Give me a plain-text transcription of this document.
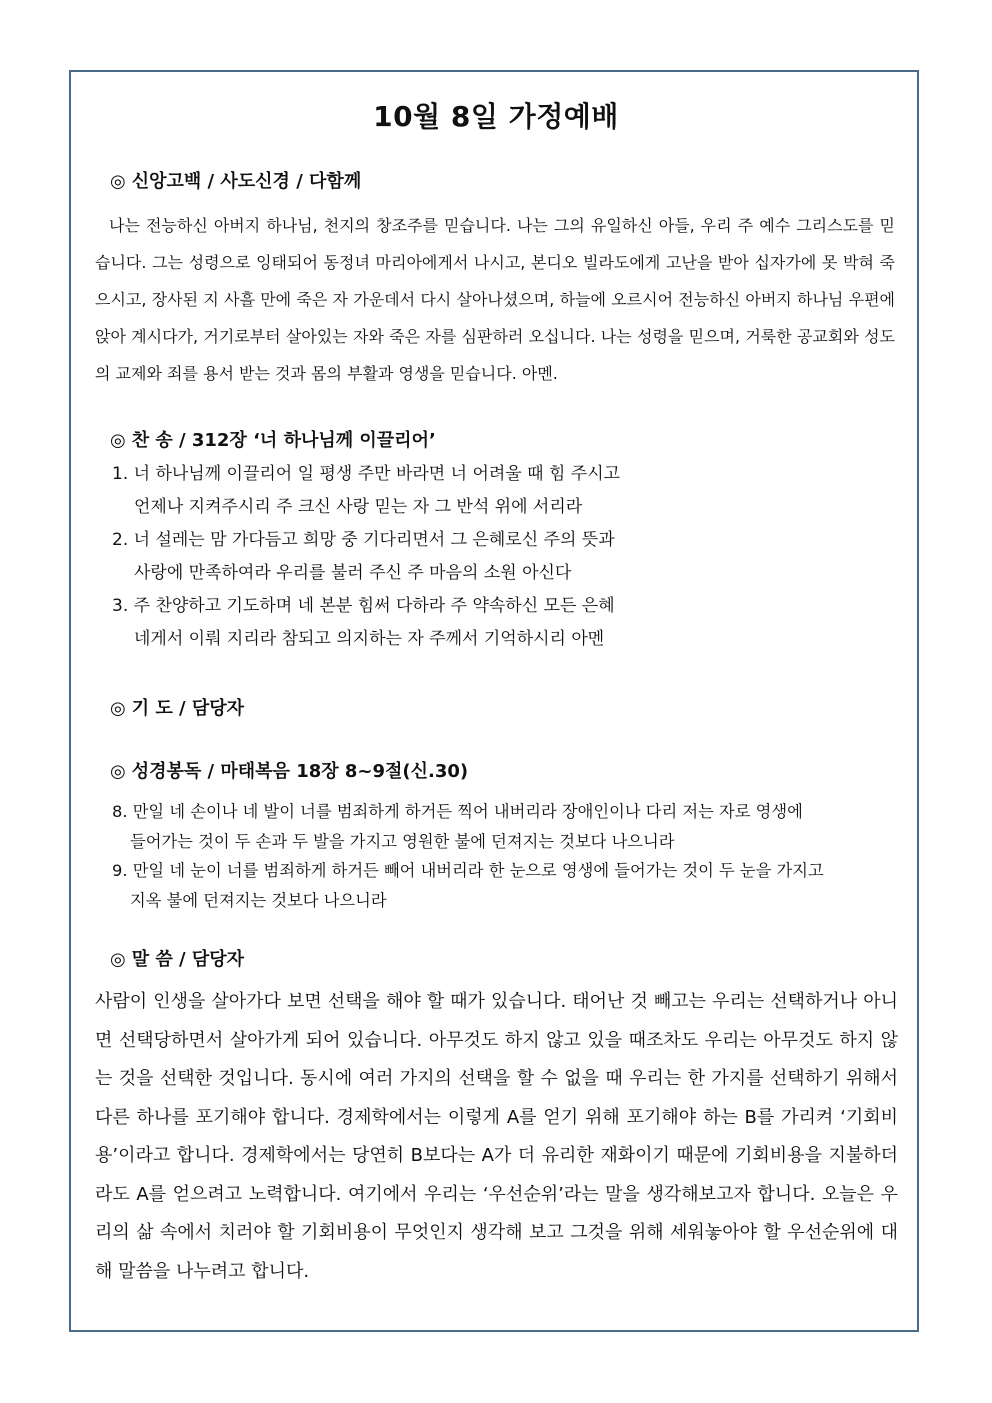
10월 8일 가정예배
◎ 신앙고백 / 사도신경 / 다함께

나는 전능하신 아버지 하나님, 천지의 창조주를 믿습니다. 나는 그의 유일하신 아들, 우리 주 예수 그리스도를 믿습니다. 그는 성령으로 잉태되어 동정녀 마리아에게서 나시고, 본디오 빌라도에게 고난을 받아 십자가에 못 박혀 죽으시고, 장사된 지 사흘 만에 죽은 자 가운데서 다시 살아나셨으며, 하늘에 오르시어 전능하신 아버지 하나님 우편에 앉아 계시다가, 거기로부터 살아있는 자와 죽은 자를 심판하러 오십니다. 나는 성령을 믿으며, 거룩한 공교회와 성도의 교제와 죄를 용서 받는 것과 몸의 부활과 영생을 믿습니다. 아멘.

◎ 찬 송 / 312장 ‘너 하나님께 이끌리어’
1. 너 하나님께 이끌리어 일 평생 주만 바라면 너 어려울 때 힘 주시고
언제나 지켜주시리 주 크신 사랑 믿는 자 그 반석 위에 서리라
2. 너 설레는 맘 가다듬고 희망 중 기다리면서 그 은혜로신 주의 뜻과
사랑에 만족하여라 우리를 불러 주신 주 마음의 소원 아신다
3. 주 찬양하고 기도하며 네 본분 힘써 다하라 주 약속하신 모든 은혜
네게서 이뤄 지리라 참되고 의지하는 자 주께서 기억하시리 아멘
◎ 기 도 / 담당자
◎ 성경봉독 / 마태복음 18장 8~9절(신.30)
8. 만일 네 손이나 네 발이 너를 범죄하게 하거든 찍어 내버리라 장애인이나 다리 저는 자로 영생에
들어가는 것이 두 손과 두 발을 가지고 영원한 불에 던져지는 것보다 나으니라
9. 만일 네 눈이 너를 범죄하게 하거든 빼어 내버리라 한 눈으로 영생에 들어가는 것이 두 눈을 가지고
지옥 불에 던져지는 것보다 나으니라
◎ 말 씀 / 담당자

사람이 인생을 살아가다 보면 선택을 해야 할 때가 있습니다. 태어난 것 빼고는 우리는 선택하거나 아니면 선택당하면서 살아가게 되어 있습니다. 아무것도 하지 않고 있을 때조차도 우리는 아무것도 하지 않는 것을 선택한 것입니다. 동시에 여러 가지의 선택을 할 수 없을 때 우리는 한 가지를 선택하기 위해서 다른 하나를 포기해야 합니다. 경제학에서는 이렇게 A를 얻기 위해 포기해야 하는 B를 가리켜 ‘기회비용’이라고 합니다. 경제학에서는 당연히 B보다는 A가 더 유리한 재화이기 때문에 기회비용을 지불하더라도 A를 얻으려고 노력합니다. 여기에서 우리는 ‘우선순위’라는 말을 생각해보고자 합니다. 오늘은 우리의 삶 속에서 치러야 할 기회비용이 무엇인지 생각해 보고 그것을 위해 세워놓아야 할 우선순위에 대해 말씀을 나누려고 합니다.
